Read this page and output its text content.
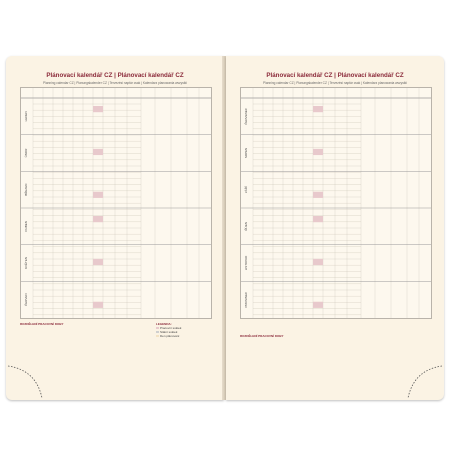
Plánovací kalendář CZ | Plánovací kalendář CZ
Planning calendar CZ | Planungskalender CZ | Tervezési naptár csak | Kalendarz planowania wszystki
LEDEN
ÚNOR
BŘEZEN
DUBEN
KVĚTEN
ČERVEN
ROZDĚLENÍ PRACOVNÍ DOBY	LEGENDA:
Pracovní svátek
Státní svátek
Den plánování
Plánovací kalendář CZ | Plánovací kalendář CZ
Planning calendar CZ | Planungskalender CZ | Tervezési naptár csak | Kalendarz planowania wszystki
ČERVENEC
SRPEN
ZÁŘÍ
ŘÍJEN
LISTOPAD
PROSINEC
ROZDĚLENÍ PRACOVNÍ DOBY
